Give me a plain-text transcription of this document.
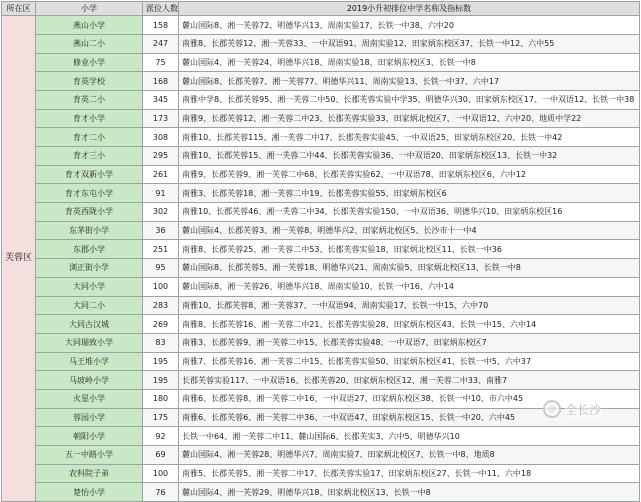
所在区	小学	派位人数	2019小升初排位中学名称及指标数
芙蓉区	燕山小学	158	麓山国际8、湘一芙蓉72、明德华兴13、周南实验17、长铁一中38、六中20
	燕山二小	247	南雅8、长郡芙蓉12、湘一芙蓉33、一中双语91、周南实验12、田家炳东校区37、长铁一中12、六中55
	修业小学	75	麓山国际4、湘一芙蓉24、明德华兴18、周南实验18、田家炳东校区3、长铁一中8
	育英学校	168	麓山国际8、长郡芙蓉7、湘一芙蓉77、明德华兴11、周南实验13、长铁一中37、六中17
	育英二小	345	南雅中学8、长郡芙蓉95、湘一芙蓉二中50、长郡芙蓉实验中学35、明德华兴30、田家炳东校区17、一中双语12、长铁一中38
	育才小学	173	南雅9、长郡芙蓉12、湘一芙蓉二中23、长郡芙蓉实验33、田家炳北校区7、一中双语12、六中20、地质中学22
	育才二小	308	南雅10、长郡芙蓉115、湘一芙蓉二中17、长郡芙蓉实验45、一中双语25、田家炳东校区20、长铁一中42
	育才三小	295	南雅10、长郡芙蓉15、湘一芙蓉二中44、长郡芙蓉实验36、一中双语20、田家炳东校区13、长铁一中32
	育才双新小学	261	南雅9、长郡芙蓉9、湘一芙蓉二中68、长郡芙蓉实验62、一中双语78、田家炳东校区6、六中12
	育才东屯小学	91	南雅3、长郡芙蓉18、湘一芙蓉二中19、长郡芙蓉实验55、田家炳东校区6
	育英西陇小学	302	南雅10、长郡芙蓉46、湘一芙蓉二中34、长郡芙蓉实验150、一中双语36、明德华兴10、田家炳东校区16
	东茅街小学	36	麓山国际4、长郡芙蓉3、湘一芙蓉8、明德华兴2、田家炳北校区5、长沙市十一中4
	东郡小学	251	南雅8、长郡芙蓉25、湘一芙蓉二中53、长郡芙蓉实验18、田家炳北校区11、长铁一中36
	浏正街小学	95	麓山国际8、长郡芙蓉5、湘一芙蓉18、明德华兴21、周南实验5、田家炳北校区13、长铁一中8
	大同小学	100	麓山国际8、湘一芙蓉26、明德华兴18、周南实验10、长铁一中16、六中14
	大同二小	283	南雅10、长郡芙蓉8、湘一芙蓉37、一中双语94、周南实验17、长铁一中15、六中70
	大同古汉城	269	南雅8、长郡芙蓉16、湘一芙蓉二中21、长郡芙蓉实验28、田家炳东校区43、长铁一中15、六中14
	大同瑞致小学	83	南雅3、长郡芙蓉9、湘一芙蓉二中15、长郡芙蓉实验48、一中双语7、田家炳东校区7
	马王堆小学	195	南雅7、长郡芙蓉16、湘一芙蓉二中15、长郡芙蓉实验50、田家炳东校区41、长铁一中5、六中37
	马坡岭小学	195	长郡芙蓉实验117、一中双语16、长郡芙蓉20、田家炳东校区12、湘一芙蓉二中33、南雅7
	火星小学	180	南雅6、长郡芙蓉8、湘一芙蓉二中16、一中双语27、田家炳东校区38、长铁一中10、市六中45
	蓉园小学	175	南雅6、长郡芙蓉6、湘一芙蓉二中36、一中双语47、田家炳东校区15、长铁一中20、六中45
	朝阳小学	92	长铁一中64、湘一芙蓉二中11、麓山国际6、长郡芙实3、六中5、明德华兴10
	五一中路小学	69	麓山国际4、湘一芙蓉28、明德华兴7、周南实验7、田家炳北校区7、长铁一中8、地质8
	农科院子弟	100	南雅5、长郡芙蓉5、湘一芙蓉二中17、长郡芙蓉实验17、田家炳东校区27、长铁一中11、六中18
	楚怡小学	76	麓山国际4、湘一芙蓉29、明德华兴18、田家炳北校区13、长铁一中8
@ 全长沙
